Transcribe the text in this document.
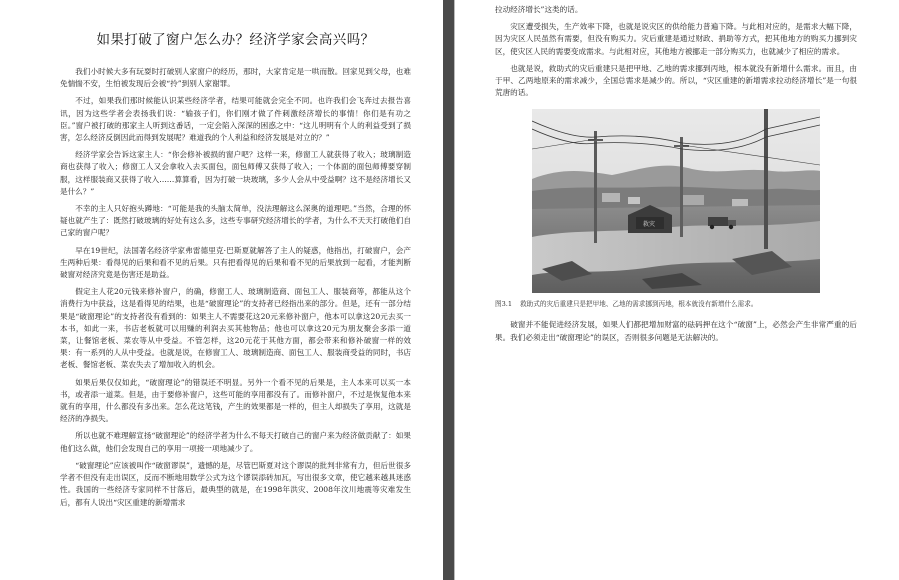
如果打破了窗户怎么办？经济学家会高兴吗？

我们小时候大多有玩耍时打破别人家窗户的经历，那时，大家肯定是一哄而散。回家见到父母，也难免惴惴不安，生怕被发现后会被“拎”到别人家谢罪。

不过，如果我们那时候能认识某些经济学者，结果可能就会完全不同。也许我们会飞奔过去报告喜讯，因为这些学者会表扬我们说：“输孩子们，你们刚才做了件刺激经济增长的事情！你们是有功之臣。”窗户被打破的那家主人听到这番话，一定会陷入深深的困惑之中：“这儿明明有个人的利益受到了损害，怎么经济反倒因此而得到发展呢？难道我的个人利益和经济发展是对立的？”

经济学家会告诉这家主人：“你会修补被损的窗户吧？这样一来，修窗工人就获得了收入；玻璃制造商也获得了收入；修窗工人又会拿收入去买面包，面包师傅又获得了收入；一个体面的面包师傅要穿制服，这样服装商又获得了收入……算算看，因为打破一块玻璃，多少人会从中受益啊？这不是经济增长又是什么？”

不幸的主人只好抱头蹲地：“可能是我的头脑太简单，没法理解这么深奥的道理吧。”当然，合理的怀疑也就产生了：既然打破玻璃的好处有这么多，这些专事研究经济增长的学者，为什么不天天打破他们自己家的窗户呢？

早在19世纪，法国著名经济学家弗雷德里克·巴斯夏就解答了主人的疑惑，他指出，打破窗户，会产生两种后果：看得见的后果和看不见的后果。只有把看得见的后果和看不见的后果放到一起看，才能判断破窗对经济究竟是伤害还是助益。

假定主人花20元钱来修补窗户，的确，修窗工人、玻璃制造商、面包工人、服装商等，都能从这个消费行为中获益，这是看得见的结果，也是“破窗理论”的支持者已经指出来的部分。但是，还有一部分结果是“破窗理论”的支持者没有看到的：如果主人不需要花这20元来修补窗户，他本可以拿这20元去买一本书，如此一来，书店老板就可以用赚的利润去买其他物品；他也可以拿这20元为朋友聚会多添一道菜，让餐馆老板、菜农等从中受益。不管怎样，这20元花于其他方面，都会带来和修补破窗一样的效果：有一系列的人从中受益。也就是说，在修窗工人、玻璃制造商、面包工人、服装商受益的同时，书店老板、餐馆老板、菜农失去了增加收入的机会。

如果后果仅仅如此，“破窗理论”的错误还不明显。另外一个看不见的后果是，主人本来可以买一本书，或者添一道菜。但是，由于要修补窗户，这些可能的享用都没有了。而修补窗户，不过是恢复他本来就有的享用，什么都没有多出来。怎么花这笔钱，产生的效果都是一样的，但主人却损失了享用，这就是经济的净损失。

所以也就不难理解宣扬“破窗理论”的经济学者为什么不每天打破自己的窗户来为经济做贡献了：如果他们这么做，他们会发现自己的享用一项接一项地减少了。

“破窗理论”应该被叫作“破窗谬误”，遗憾的是，尽管巴斯夏对这个谬误的批判非常有力，但后世很多学者不但没有走出误区，反而不断地用数学公式为这个谬误添砖加瓦，写出很多文章，使它越来越具迷惑性。我国的一些经济专家同样不甘落后，最典型的就是，在1998年洪灾、2008年汶川地震等灾难发生后，都有人说出“灾区重建的新增需求

拉动经济增长”这类的话。

灾区遭受损失，生产效率下降，也就是说灾区的供给能力普遍下降。与此相对应的，是需求大幅下降，因为灾区人民虽然有需要，但没有购买力。灾后重建是通过财政、捐助等方式，把其他地方的购买力挪到灾区，使灾区人民的需要变成需求。与此相对应，其他地方被挪走一部分购买力，也就减少了相应的需求。

也就是说，救助式的灾后重建只是把甲地、乙地的需求挪到丙地，根本就没有新增什么需求。而且，由于甲、乙两地原来的需求减少，全国总需求是减少的。所以，“灾区重建的新增需求拉动经济增长”是一句很荒唐的话。

救灾

图3.1 救助式的灾后重建只是把甲地、乙地的需求挪到丙地，根本就没有新增什么需求。

破窗并不能促进经济发展，如果人们都把增加财富的砝码押在这个“破窗”上，必然会产生非常严重的后果。我们必须走出“破窗理论”的误区，否则很多问题是无法解决的。
